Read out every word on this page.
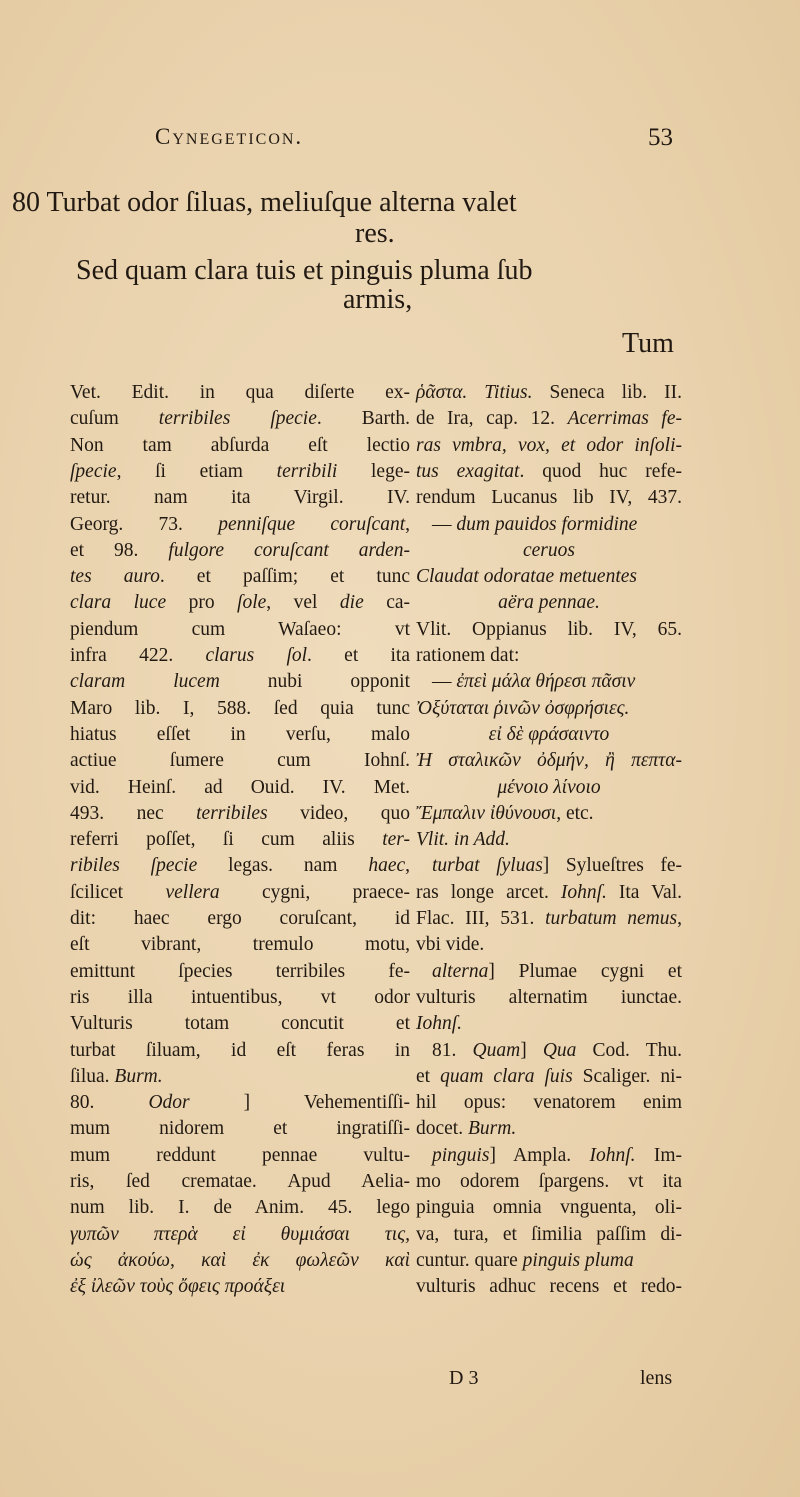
Cynegeticon.	53
80 Turbat odor ſiluas, meliuſque alterna valet
res.
Sed quam clara tuis et pinguis pluma ſub
armis,
Tum
Vet. Edit. in qua diſerte ex-
cuſum terribiles ſpecie. Barth.
Non tam abſurda eſt lectio
ſpecie, ſi etiam terribili lege-
retur. nam ita Virgil. IV.
Georg. 73. penniſque coruſcant,
et 98. fulgore coruſcant arden-
tes auro. et paſſim; et tunc
clara luce pro ſole, vel die ca-
piendum cum Waſaeo: vt
infra 422. clarus ſol. et ita
claram lucem nubi opponit
Maro lib. I, 588. ſed quia tunc
hiatus eſſet in verſu, malo
actiue ſumere cum Iohnſ.
vid. Heinſ. ad Ouid. IV. Met.
493. nec terribiles video, quo
referri poſſet, ſi cum aliis ter-
ribiles ſpecie legas. nam haec,
ſcilicet vellera cygni, praece-
dit: haec ergo coruſcant, id
eſt vibrant, tremulo motu,
emittunt ſpecies terribiles fe-
ris illa intuentibus, vt odor
Vulturis totam concutit et
turbat ſiluam, id eſt feras in
ſilua. Burm.
80. Odor ] Vehementiſſi-
mum nidorem et ingratiſſi-
mum reddunt pennae vultu-
ris, ſed crematae. Apud Aelia-
num lib. I. de Anim. 45. lego
γυπῶν πτερὰ εἰ θυμιάσαι τις,
ὡς ἀκούω, καὶ ἐκ φωλεῶν καὶ
ἐξ ἰλεῶν τοὺς ὄφεις προάξει
ῥᾶστα. Titius. Seneca lib. II.
de Ira, cap. 12. Acerrimas fe-
ras vmbra, vox, et odor inſoli-
tus exagitat. quod huc refe-
rendum Lucanus lib IV, 437.
— dum pauidos formidine
ceruos
Claudat odoratae metuentes
aëra pennae.
Vlit. Oppianus lib. IV, 65.
rationem dat:
— ἐπεὶ μάλα θήρεσι πᾶσιν
Ὀξύταται ῥινῶν ὀσφρήσιες.
εἰ δὲ φράσαιντο
Ἠ σταλικῶν ὀδμήν, ἢ πεπτα-
μένοιο λίνοιο
Ἔμπαλιν ἰθύνουσι, etc.
Vlit. in Add.
turbat ſyluas] Sylueſtres fe-
ras longe arcet. Iohnſ. Ita Val.
Flac. III, 531. turbatum nemus,
vbi vide.
alterna] Plumae cygni et
vulturis alternatim iunctae.
Iohnſ.
81. Quam] Qua Cod. Thu.
et quam clara ſuis Scaliger. ni-
hil opus: venatorem enim
docet. Burm.
pinguis] Ampla. Iohnſ. Im-
mo odorem ſpargens. vt ita
pinguia omnia vnguenta, oli-
va, tura, et ſimilia paſſim di-
cuntur. quare pinguis pluma
vulturis adhuc recens et redo-
D 3	lens
